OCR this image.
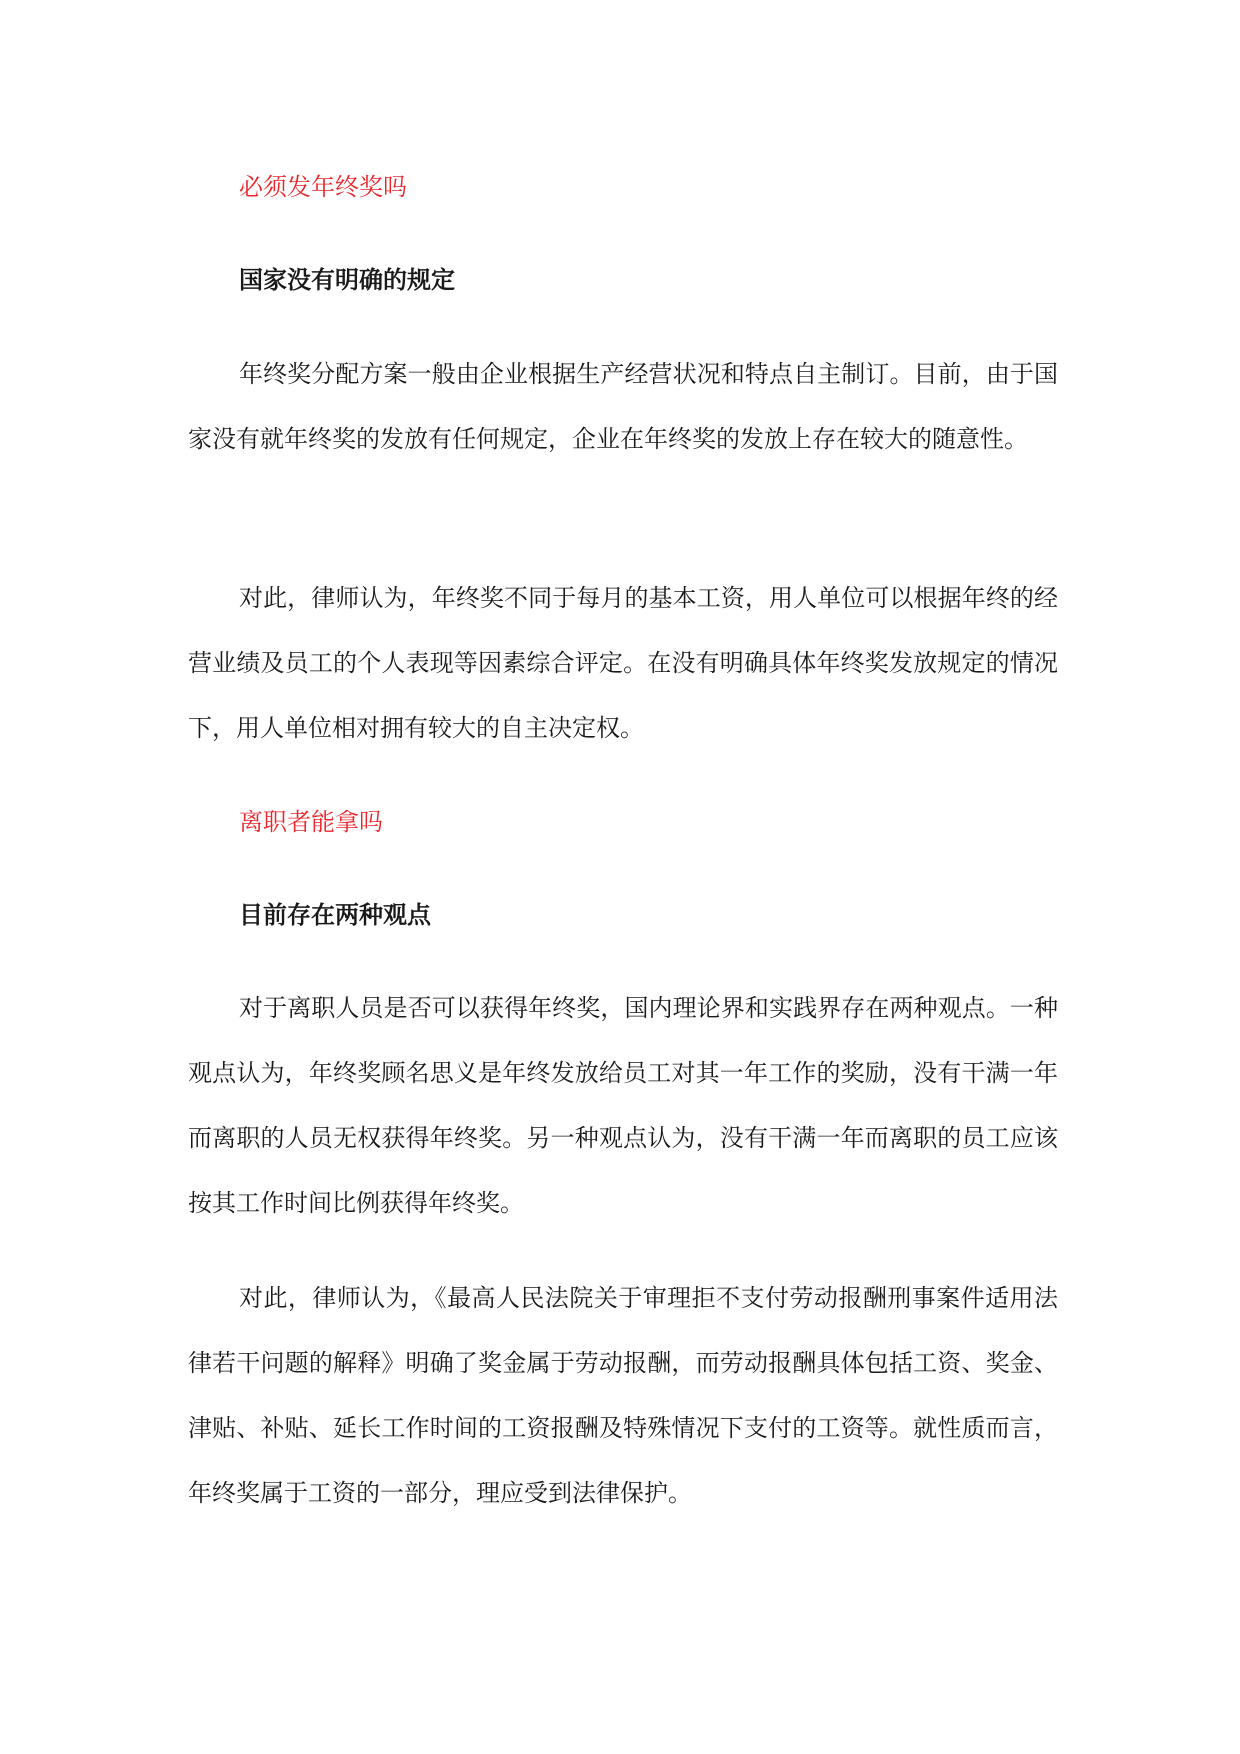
必须发年终奖吗
国家没有明确的规定

年终奖分配方案一般由企业根据生产经营状况和特点自主制订。目前，由于国家没有就年终奖的发放有任何规定，企业在年终奖的发放上存在较大的随意性。

对此，律师认为，年终奖不同于每月的基本工资，用人单位可以根据年终的经营业绩及员工的个人表现等因素综合评定。在没有明确具体年终奖发放规定的情况下，用人单位相对拥有较大的自主决定权。

离职者能拿吗
目前存在两种观点

对于离职人员是否可以获得年终奖，国内理论界和实践界存在两种观点。一种观点认为，年终奖顾名思义是年终发放给员工对其一年工作的奖励，没有干满一年而离职的人员无权获得年终奖。另一种观点认为，没有干满一年而离职的员工应该按其工作时间比例获得年终奖。

对此，律师认为，《最高人民法院关于审理拒不支付劳动报酬刑事案件适用法律若干问题的解释》明确了奖金属于劳动报酬，而劳动报酬具体包括工资、奖金、津贴、补贴、延长工作时间的工资报酬及特殊情况下支付的工资等。就性质而言，年终奖属于工资的一部分，理应受到法律保护。
